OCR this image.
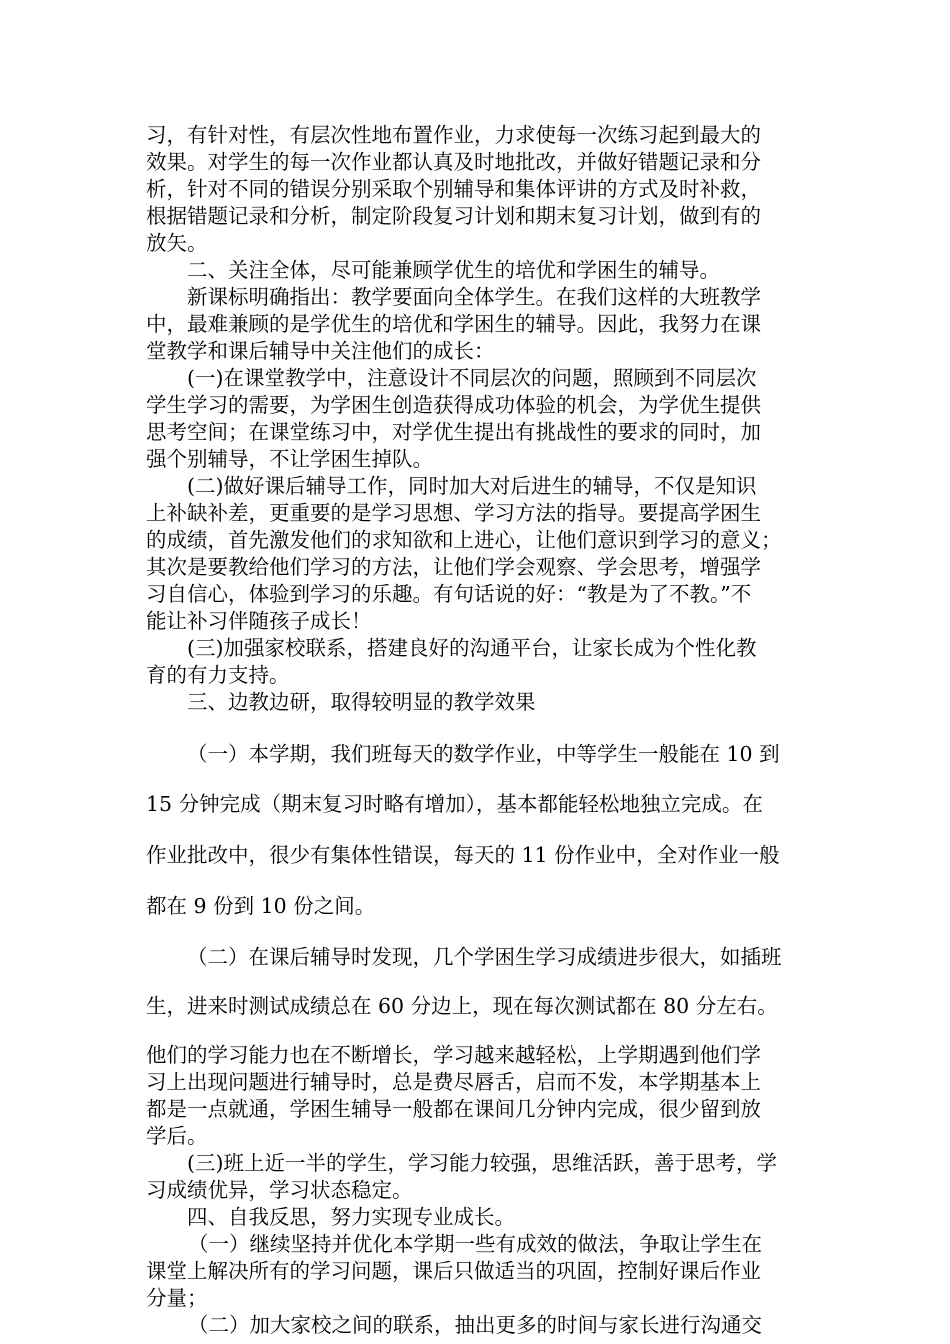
习，有针对性，有层次性地布置作业，力求使每一次练习起到最大的
效果。对学生的每一次作业都认真及时地批改，并做好错题记录和分
析，针对不同的错误分别采取个别辅导和集体评讲的方式及时补救，
根据错题记录和分析，制定阶段复习计划和期末复习计划，做到有的
放矢。
二、关注全体，尽可能兼顾学优生的培优和学困生的辅导。
新课标明确指出：教学要面向全体学生。在我们这样的大班教学
中，最难兼顾的是学优生的培优和学困生的辅导。因此，我努力在课
堂教学和课后辅导中关注他们的成长：
(一)在课堂教学中，注意设计不同层次的问题，照顾到不同层次
学生学习的需要，为学困生创造获得成功体验的机会，为学优生提供
思考空间；在课堂练习中，对学优生提出有挑战性的要求的同时，加
强个别辅导，不让学困生掉队。
(二)做好课后辅导工作，同时加大对后进生的辅导，不仅是知识
上补缺补差，更重要的是学习思想、学习方法的指导。要提高学困生
的成绩，首先激发他们的求知欲和上进心，让他们意识到学习的意义；
其次是要教给他们学习的方法，让他们学会观察、学会思考，增强学
习自信心，体验到学习的乐趣。有句话说的好：“教是为了不教。”不
能让补习伴随孩子成长！
(三)加强家校联系，搭建良好的沟通平台，让家长成为个性化教
育的有力支持。
三、边教边研，取得较明显的教学效果
（一）本学期，我们班每天的数学作业，中等学生一般能在 10 到
15 分钟完成（期末复习时略有增加），基本都能轻松地独立完成。在
作业批改中，很少有集体性错误，每天的 11 份作业中，全对作业一般
都在 9 份到 10 份之间。
（二）在课后辅导时发现，几个学困生学习成绩进步很大，如插班
生，进来时测试成绩总在 60 分边上，现在每次测试都在 80 分左右。
他们的学习能力也在不断增长，学习越来越轻松，上学期遇到他们学
习上出现问题进行辅导时，总是费尽唇舌，启而不发，本学期基本上
都是一点就通，学困生辅导一般都在课间几分钟内完成，很少留到放
学后。
(三)班上近一半的学生，学习能力较强，思维活跃，善于思考，学
习成绩优异，学习状态稳定。
四、自我反思，努力实现专业成长。
（一）继续坚持并优化本学期一些有成效的做法，争取让学生在
课堂上解决所有的学习问题，课后只做适当的巩固，控制好课后作业
分量；
（二）加大家校之间的联系，抽出更多的时间与家长进行沟通交
